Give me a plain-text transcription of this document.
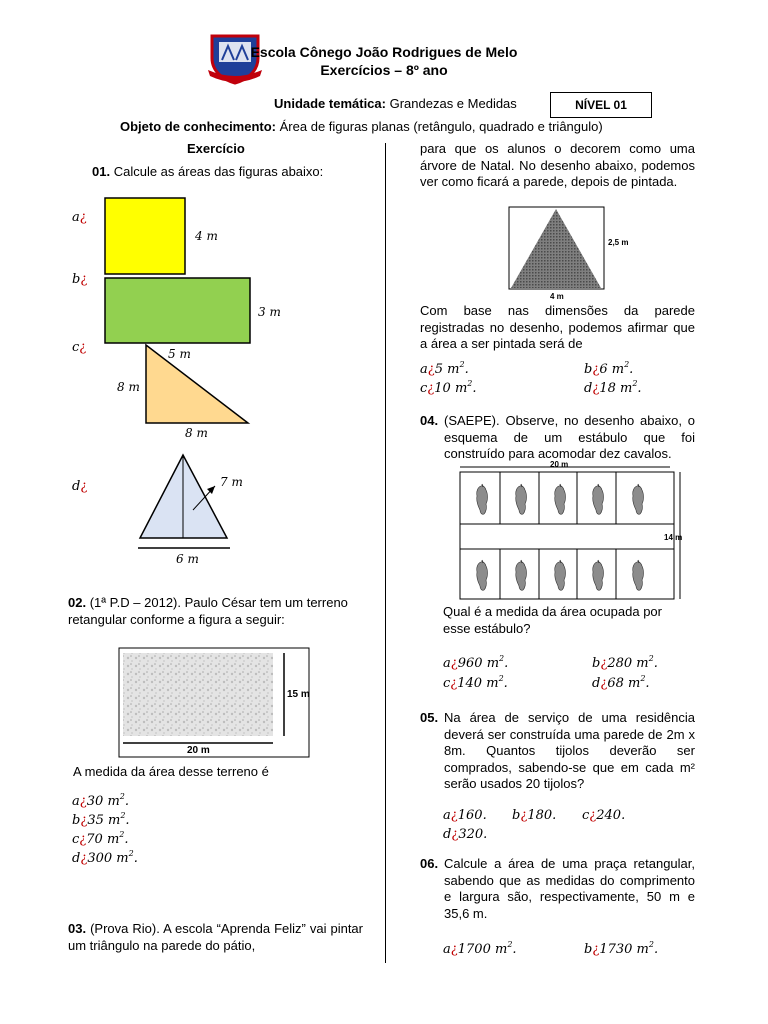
Escola Cônego João Rodrigues de Melo
Exercícios – 8º ano
Unidade temática: Grandezas e Medidas	NÍVEL 01
Objeto de conhecimento: Área de figuras planas (retângulo, quadrado e triângulo)
Exercício
01. Calcule as áreas das figuras abaixo:
a¿
b¿
c¿
d¿
4 m
3 m
5 m
8 m
8 m
7 m
6 m
02. (1ª P.D – 2012). Paulo César tem um terreno retangular conforme a figura a seguir:
15 m
20 m
A medida da área desse terreno é
a¿30 $m^2$.
b¿35 $m^2$.
c¿70 $m^2$.
d¿300 $m^2$.
03. (Prova Rio). A escola “Aprenda Feliz” vai pintar um triângulo na parede do pátio,
para que os alunos o decorem como uma árvore de Natal. No desenho abaixo, podemos ver como ficará a parede, depois de pintada.
2,5 m
4 m
Com base nas dimensões da parede registradas no desenho, podemos afirmar que a área a ser pintada será de
a¿5 $m^2$.	b¿6 $m^2$.
c¿10 $m^2$.	d¿18 $m^2$.
04. (SAEPE). Observe, no desenho abaixo, o esquema de um estábulo que foi construído para acomodar dez cavalos.
20 m
14 m
Qual é a medida da área ocupada por esse estábulo?
a¿960 $m^2$.	b¿280 $m^2$.
c¿140 $m^2$.	d¿68 $m^2$.
05. Na área de serviço de uma residência deverá ser construída uma parede de 2m x 8m. Quantos tijolos deverão ser comprados, sabendo-se que em cada m² serão usados 20 tijolos?
a¿160. b¿180. c¿240.
d¿320.
06. Calcule a área de uma praça retangular, sabendo que as medidas do comprimento e largura são, respectivamente, 50 m e 35,6 m.
a¿1700 $m^2$.	b¿1730 $m^2$.
